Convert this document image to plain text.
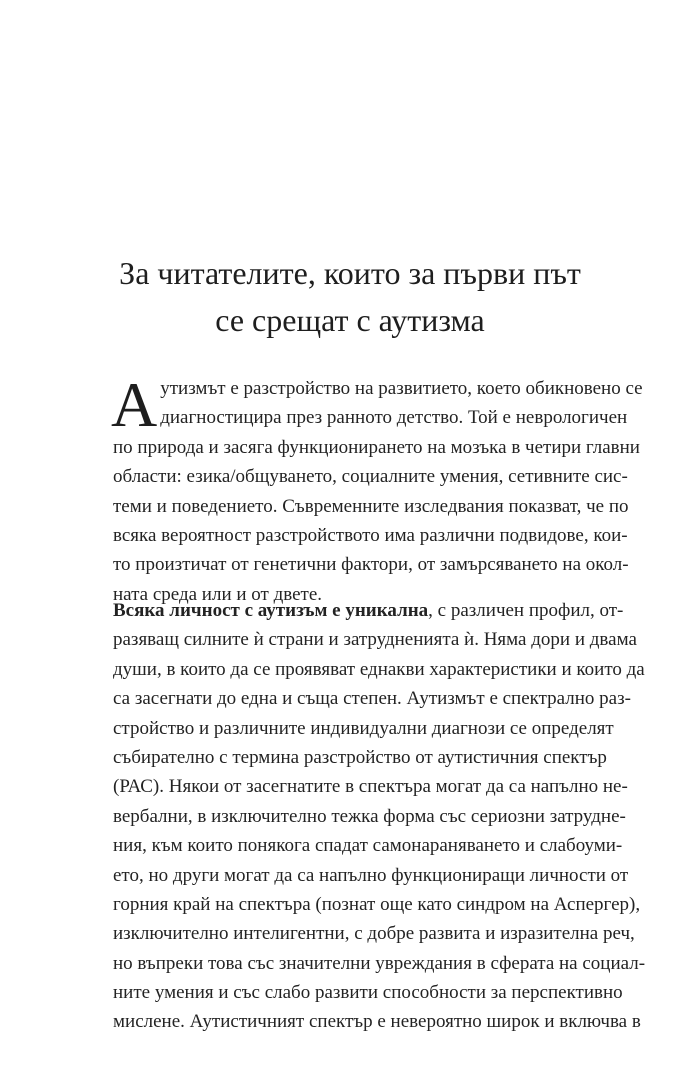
За читателите, които за първи път
се срещат с аутизма
А утизмът е разстройство на развитието, което обикновено се
диагностицира през ранното детство. Той е неврологичен
по природа и засяга функционирането на мозъка в четири главни
области: езика/общуването, социалните умения, сетивните сис-
теми и поведението. Съвременните изследвания показват, че по
всяка вероятност разстройството има различни подвидове, кои-
то произтичат от генетични фактори, от замърсяването на окол-
ната среда или и от двете.
Всяка личност с аутизъм е уникална, с различен профил, от-
разяващ силните ѝ страни и затрудненията ѝ. Няма дори и двама
души, в които да се проявяват еднакви характеристики и които да
са засегнати до една и съща степен. Аутизмът е спектрално раз-
стройство и различните индивидуални диагнози се определят
събирателно с термина разстройство от аутистичния спектър
(РАС). Някои от засегнатите в спектъра могат да са напълно не-
вербални, в изключително тежка форма със сериозни затрудне-
ния, към които понякога спадат самонараняването и слабоуми-
ето, но други могат да са напълно функциониращи личности от
горния край на спектъра (познат още като синдром на Аспергер),
изключително интелигентни, с добре развита и изразителна реч,
но въпреки това със значителни увреждания в сферата на социал-
ните умения и със слабо развити способности за перспективно
мислене. Аутистичният спектър е невероятно широк и включва в
